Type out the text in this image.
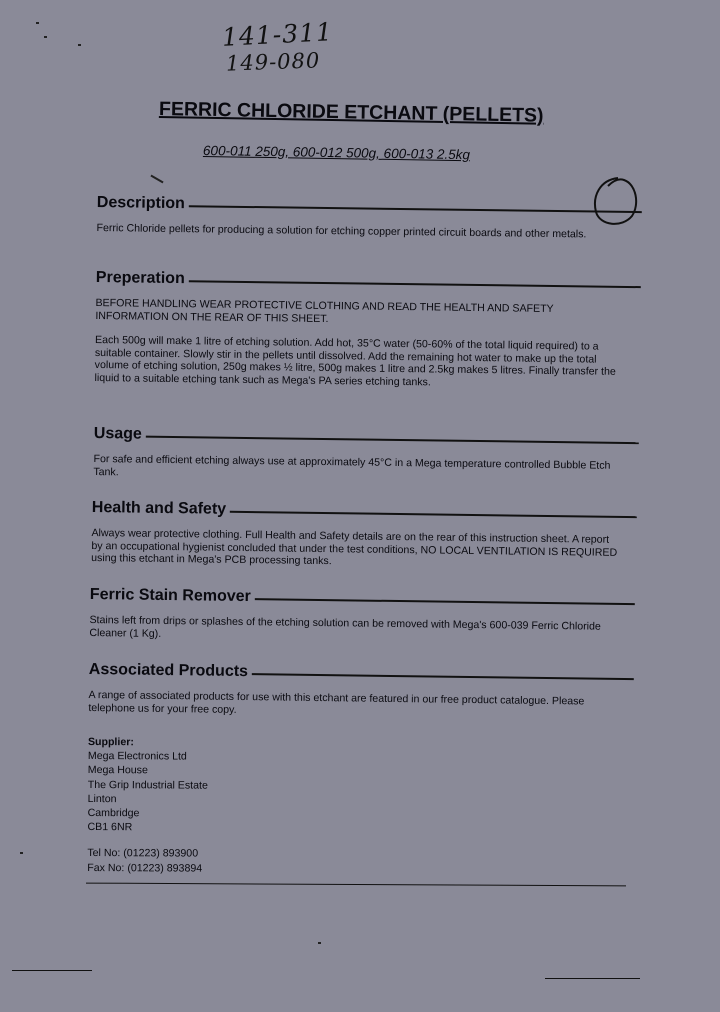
141-311
149-080
FERRIC CHLORIDE ETCHANT (PELLETS)
600-011 250g, 600-012 500g, 600-013 2.5kg
Description
Ferric Chloride pellets for producing a solution for etching copper printed circuit boards and other metals.
Preperation
BEFORE HANDLING WEAR PROTECTIVE CLOTHING AND READ THE HEALTH AND SAFETY INFORMATION ON THE REAR OF THIS SHEET.
Each 500g will make 1 litre of etching solution. Add hot, 35°C water (50-60% of the total liquid required) to a suitable container. Slowly stir in the pellets until dissolved. Add the remaining hot water to make up the total volume of etching solution, 250g makes ½ litre, 500g makes 1 litre and 2.5kg makes 5 litres. Finally transfer the liquid to a suitable etching tank such as Mega's PA series etching tanks.
Usage
For safe and efficient etching always use at approximately 45°C in a Mega temperature controlled Bubble Etch Tank.
Health and Safety
Always wear protective clothing. Full Health and Safety details are on the rear of this instruction sheet. A report by an occupational hygienist concluded that under the test conditions, NO LOCAL VENTILATION IS REQUIRED using this etchant in Mega's PCB processing tanks.
Ferric Stain Remover
Stains left from drips or splashes of the etching solution can be removed with Mega's 600-039 Ferric Chloride Cleaner (1 Kg).
Associated Products
A range of associated products for use with this etchant are featured in our free product catalogue. Please telephone us for your free copy.
Supplier:
Mega Electronics Ltd
Mega House
The Grip Industrial Estate
Linton
Cambridge
CB1 6NR
Tel No: (01223) 893900
Fax No: (01223) 893894
